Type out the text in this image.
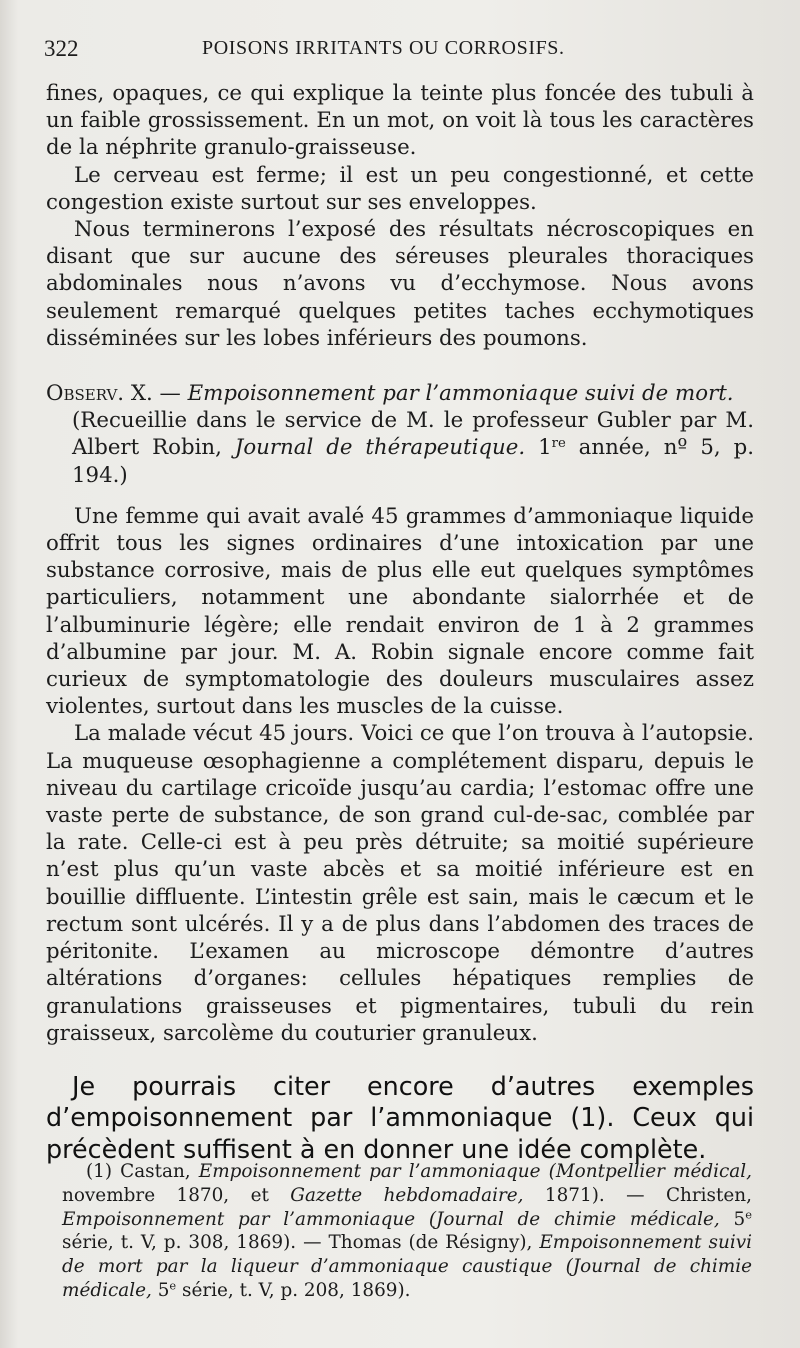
322	POISONS IRRITANTS OU CORROSIFS.

fines, opaques, ce qui explique la teinte plus foncée des tubuli à un faible grossissement. En un mot, on voit là tous les caractères de la néphrite granulo-graisseuse.

Le cerveau est ferme; il est un peu congestionné, et cette congestion existe surtout sur ses enveloppes.

Nous terminerons l’exposé des résultats nécroscopiques en disant que sur aucune des séreuses pleurales thoraciques abdominales nous n’avons vu d’ecchymose. Nous avons seulement remarqué quelques petites taches ecchymotiques disséminées sur les lobes inférieurs des poumons.

Observ. X. — Empoisonnement par l’ammoniaque suivi de mort.
(Recueillie dans le service de M. le professeur Gubler par M. Albert Robin, Journal de thérapeutique. 1re année, nº 5, p. 194.)

Une femme qui avait avalé 45 grammes d’ammoniaque liquide offrit tous les signes ordinaires d’une intoxication par une substance corrosive, mais de plus elle eut quelques symptômes particuliers, notamment une abondante sialorrhée et de l’albuminurie légère; elle rendait environ de 1 à 2 grammes d’albumine par jour. M. A. Robin signale encore comme fait curieux de symptomatologie des douleurs musculaires assez violentes, surtout dans les muscles de la cuisse.

La malade vécut 45 jours. Voici ce que l’on trouva à l’autopsie. La muqueuse œsophagienne a complétement disparu, depuis le niveau du cartilage cricoïde jusqu’au cardia; l’estomac offre une vaste perte de substance, de son grand cul-de-sac, comblée par la rate. Celle-ci est à peu près détruite; sa moitié supérieure n’est plus qu’un vaste abcès et sa moitié inférieure est en bouillie diffluente. L’intestin grêle est sain, mais le cæcum et le rectum sont ulcérés. Il y a de plus dans l’abdomen des traces de péritonite. L’examen au microscope démontre d’autres altérations d’organes: cellules hépatiques remplies de granulations graisseuses et pigmentaires, tubuli du rein graisseux, sarcolème du couturier granuleux.

Je pourrais citer encore d’autres exemples d’empoisonnement par l’ammoniaque (1). Ceux qui précèdent suffisent à en donner une idée complète.

(1) Castan, Empoisonnement par l’ammoniaque (Montpellier médical, novembre 1870, et Gazette hebdomadaire, 1871). — Christen, Empoisonnement par l’ammoniaque (Journal de chimie médicale, 5e série, t. V, p. 308, 1869). — Thomas (de Résigny), Empoisonnement suivi de mort par la liqueur d’ammoniaque caustique (Journal de chimie médicale, 5e série, t. V, p. 208, 1869).
